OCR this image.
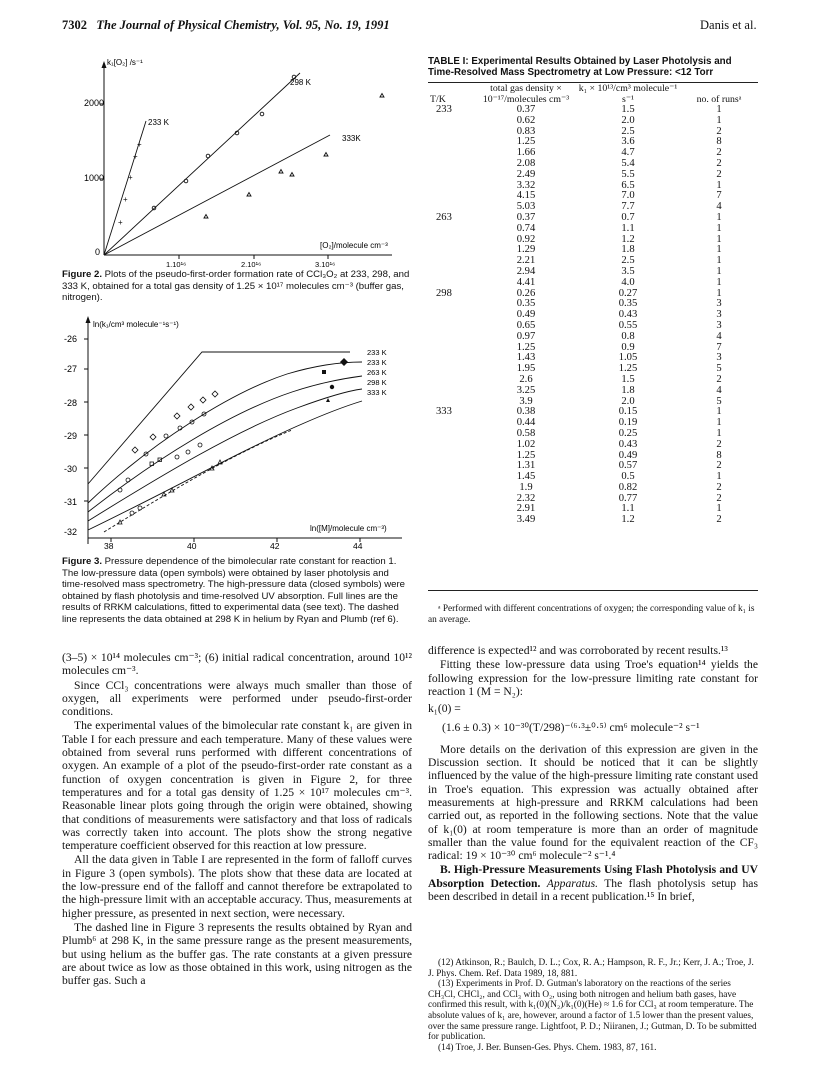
7302 The Journal of Physical Chemistry, Vol. 95, No. 19, 1991	Danis et al.
k₁[O₂] /s⁻¹
2000
1000
0
1.10¹⁶	2.10¹⁶	3.10¹⁶
[O₂]/molecule cm⁻³
233 K
298 K
333K
+
+
+
+
+
Figure 2. Plots of the pseudo-first-order formation rate of CCl₃O₂ at 233, 298, and 333 K, obtained for a total gas density of 1.25 × 10¹⁷ molecules cm⁻³ (buffer gas, nitrogen).
ln(k₁/cm³ molecule⁻¹s⁻¹)
-26
-27
-28
-29
-30
-31
-32
38	40	42	44
ln([M]/molecule cm⁻³)
233 K
233 K
263 K
298 K
333 K
Figure 3. Pressure dependence of the bimolecular rate constant for reaction 1. The low-pressure data (open symbols) were obtained by laser photolysis and time-resolved mass spectrometry. The high-pressure data (closed symbols) were obtained by flash photolysis and time-resolved UV absorption. Full lines are the results of RRKM calculations, fitted to experimental data (see text). The dashed line represents the data obtained at 298 K in helium by Ryan and Plumb (ref 6).

(3–5) × 10¹⁴ molecules cm⁻³; (6) initial radical concentration, around 10¹² molecules cm⁻³.

Since CCl₃ concentrations were always much smaller than those of oxygen, all experiments were performed under pseudo-first-order conditions.

The experimental values of the bimolecular rate constant k₁ are given in Table I for each pressure and each temperature. Many of these values were obtained from several runs performed with different concentrations of oxygen. An example of a plot of the pseudo-first-order rate constant as a function of oxygen concentration is given in Figure 2, for three temperatures and for a total gas density of 1.25 × 10¹⁷ molecules cm⁻³. Reasonable linear plots going through the origin were obtained, showing that conditions of measurements were satisfactory and that loss of radicals was correctly taken into account. The plots show the strong negative temperature coefficient observed for this reaction at low pressure.

All the data given in Table I are represented in the form of falloff curves in Figure 3 (open symbols). The plots show that these data are located at the low-pressure end of the falloff and cannot therefore be extrapolated to the high-pressure limit with an acceptable accuracy. Thus, measurements at higher pressure, as presented in next section, were necessary.

The dashed line in Figure 3 represents the results obtained by Ryan and Plumb⁶ at 298 K, in the same pressure range as the present measurements, but using helium as the buffer gas. The rate constants at a given pressure are about twice as low as those obtained in this work, using nitrogen as the buffer gas. Such a

TABLE I: Experimental Results Obtained by Laser Photolysis and Time-Resolved Mass Spectrometry at Low Pressure: <12 Torr
T/K	total gas density × 10⁻¹⁷/molecules cm⁻³	k₁ × 10¹³/cm³ molecule⁻¹ s⁻¹	no. of runsᵃ
233	0.37	1.5	1
	0.62	2.0	1
	0.83	2.5	2
	1.25	3.6	8
	1.66	4.7	2
	2.08	5.4	2
	2.49	5.5	2
	3.32	6.5	1
	4.15	7.0	7
	5.03	7.7	4
263	0.37	0.7	1
	0.74	1.1	1
	0.92	1.2	1
	1.29	1.8	1
	2.21	2.5	1
	2.94	3.5	1
	4.41	4.0	1
298	0.26	0.27	1
	0.35	0.35	3
	0.49	0.43	3
	0.65	0.55	3
	0.97	0.8	4
	1.25	0.9	7
	1.43	1.05	3
	1.95	1.25	5
	2.6	1.5	2
	3.25	1.8	4
	3.9	2.0	5
333	0.38	0.15	1
	0.44	0.19	1
	0.58	0.25	1
	1.02	0.43	2
	1.25	0.49	8
	1.31	0.57	2
	1.45	0.5	1
	1.9	0.82	2
	2.32	0.77	2
	2.91	1.1	1
	3.49	1.2	2
ᵃ Performed with different concentrations of oxygen; the corresponding value of k₁ is an average.

difference is expected¹² and was corroborated by recent results.¹³

Fitting these low-pressure data using Troe's equation¹⁴ yields the following expression for the low-pressure limiting rate constant for reaction 1 (M = N₂):

k₁(0) =

(1.6 ± 0.3) × 10⁻³⁰(T/298)⁻⁽⁶·³±⁰·⁵⁾ cm⁶ molecule⁻² s⁻¹

More details on the derivation of this expression are given in the Discussion section. It should be noticed that it can be slightly influenced by the value of the high-pressure limiting rate constant used in Troe's equation. This expression was actually obtained after measurements at high-pressure and RRKM calculations had been carried out, as reported in the following sections. Note that the value of k₁(0) at room temperature is more than an order of magnitude smaller than the value found for the equivalent reaction of the CF₃ radical: 19 × 10⁻³⁰ cm⁶ molecule⁻² s⁻¹.⁴

B. High-Pressure Measurements Using Flash Photolysis and UV Absorption Detection. Apparatus. The flash photolysis setup has been described in detail in a recent publication.¹⁵ In brief,

(12) Atkinson, R.; Baulch, D. L.; Cox, R. A.; Hampson, R. F., Jr.; Kerr, J. A.; Troe, J. J. Phys. Chem. Ref. Data 1989, 18, 881.

(13) Experiments in Prof. D. Gutman's laboratory on the reactions of the series CH₃Cl, CHCl₂, and CCl₃ with O₂, using both nitrogen and helium bath gases, have confirmed this result, with k₁(0)(N₂)/k₁(0)(He) ≈ 1.6 for CCl₃ at room temperature. The absolute values of k₁ are, however, around a factor of 1.5 lower than the present values, over the same pressure range. Lightfoot, P. D.; Niiranen, J.; Gutman, D. To be submitted for publication.

(14) Troe, J. Ber. Bunsen-Ges. Phys. Chem. 1983, 87, 161.
